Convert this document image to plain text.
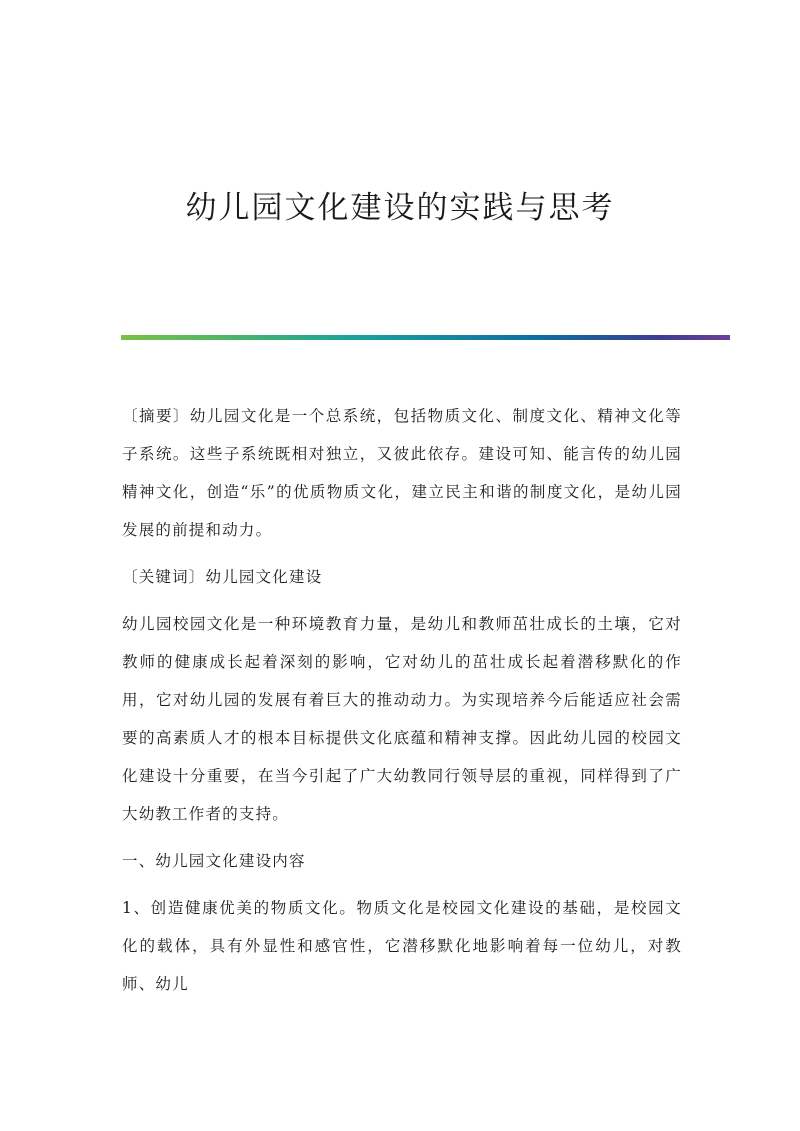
幼儿园文化建设的实践与思考

〔摘要〕幼儿园文化是一个总系统，包括物质文化、制度文化、精神文化等子系统。这些子系统既相对独立，又彼此依存。建设可知、能言传的幼儿园精神文化，创造“乐”的优质物质文化，建立民主和谐的制度文化，是幼儿园发展的前提和动力。

〔关键词〕幼儿园文化建设

幼儿园校园文化是一种环境教育力量，是幼儿和教师茁壮成长的土壤，它对教师的健康成长起着深刻的影响，它对幼儿的茁壮成长起着潜移默化的作用，它对幼儿园的发展有着巨大的推动动力。为实现培养今后能适应社会需要的高素质人才的根本目标提供文化底蕴和精神支撑。因此幼儿园的校园文化建设十分重要，在当今引起了广大幼教同行领导层的重视，同样得到了广大幼教工作者的支持。

一、幼儿园文化建设内容

1、创造健康优美的物质文化。物质文化是校园文化建设的基础，是校园文化的载体，具有外显性和感官性，它潜移默化地影响着每一位幼儿，对教师、幼儿
